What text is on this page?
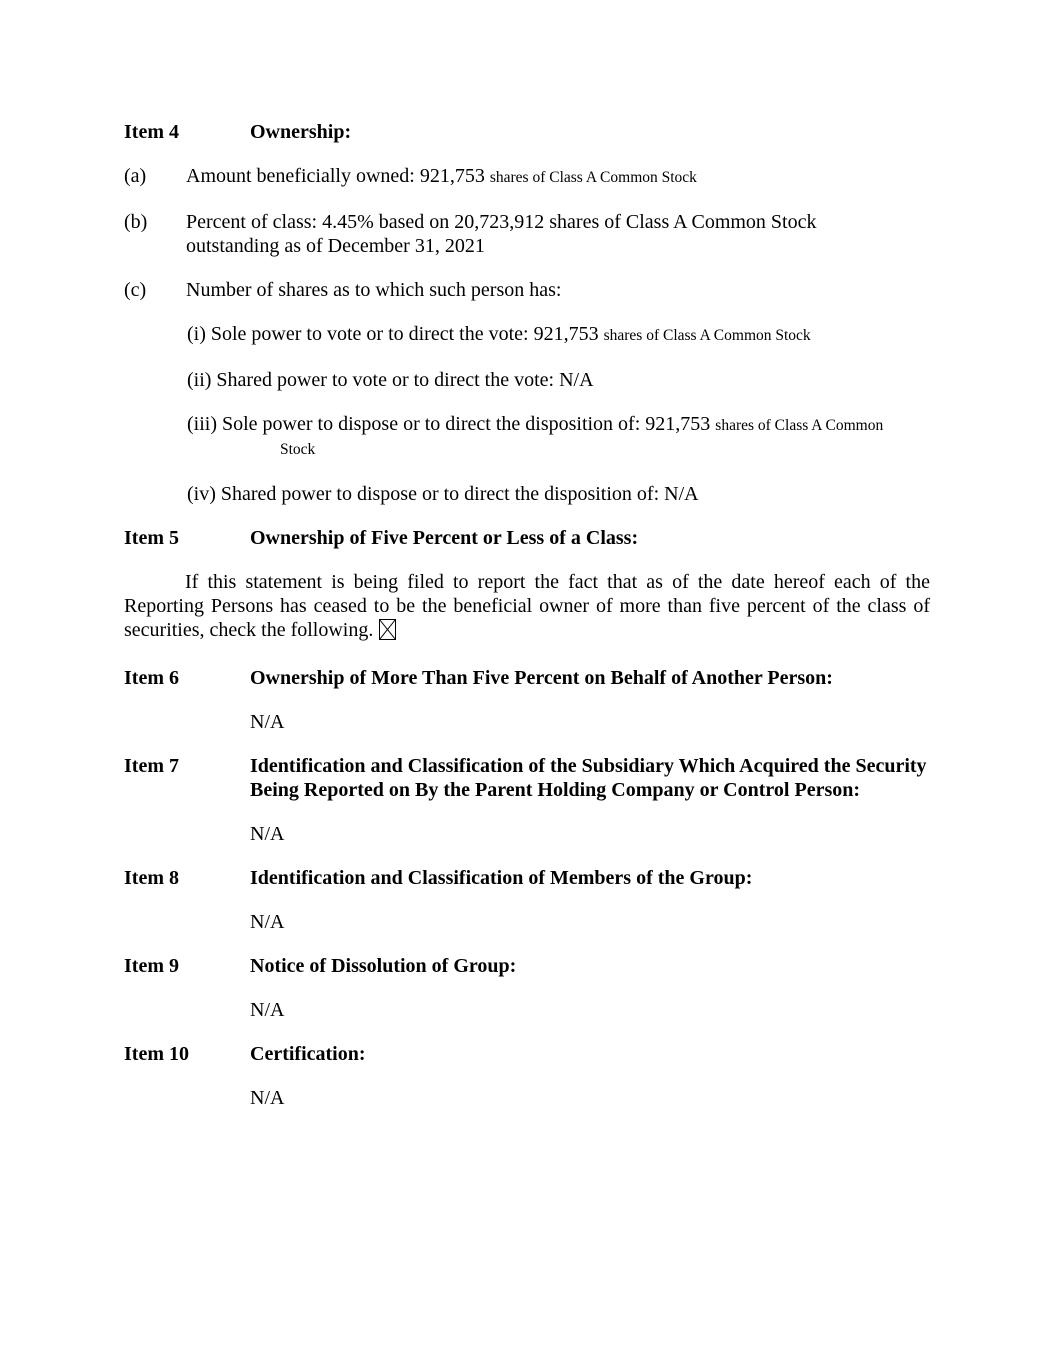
Item 4	Ownership:
(a)	Amount beneficially owned: 921,753 shares of Class A Common Stock
(b)	Percent of class: 4.45% based on 20,723,912 shares of Class A Common Stock
outstanding as of December 31, 2021
(c)	Number of shares as to which such person has:
(i) Sole power to vote or to direct the vote: 921,753 shares of Class A Common Stock
(ii) Shared power to vote or to direct the vote: N/A
(iii) Sole power to dispose or to direct the disposition of: 921,753 shares of Class A Common
Stock
(iv) Shared power to dispose or to direct the disposition of: N/A
Item 5	Ownership of Five Percent or Less of a Class:
If this statement is being filed to report the fact that as of the date hereof each of the
Reporting Persons has ceased to be the beneficial owner of more than five percent of the class of
securities, check the following.
Item 6	Ownership of More Than Five Percent on Behalf of Another Person:
N/A
Item 7	Identification and Classification of the Subsidiary Which Acquired the Security Being Reported on By the Parent Holding Company or Control Person:
N/A
Item 8	Identification and Classification of Members of the Group:
N/A
Item 9	Notice of Dissolution of Group:
N/A
Item 10	Certification:
N/A
